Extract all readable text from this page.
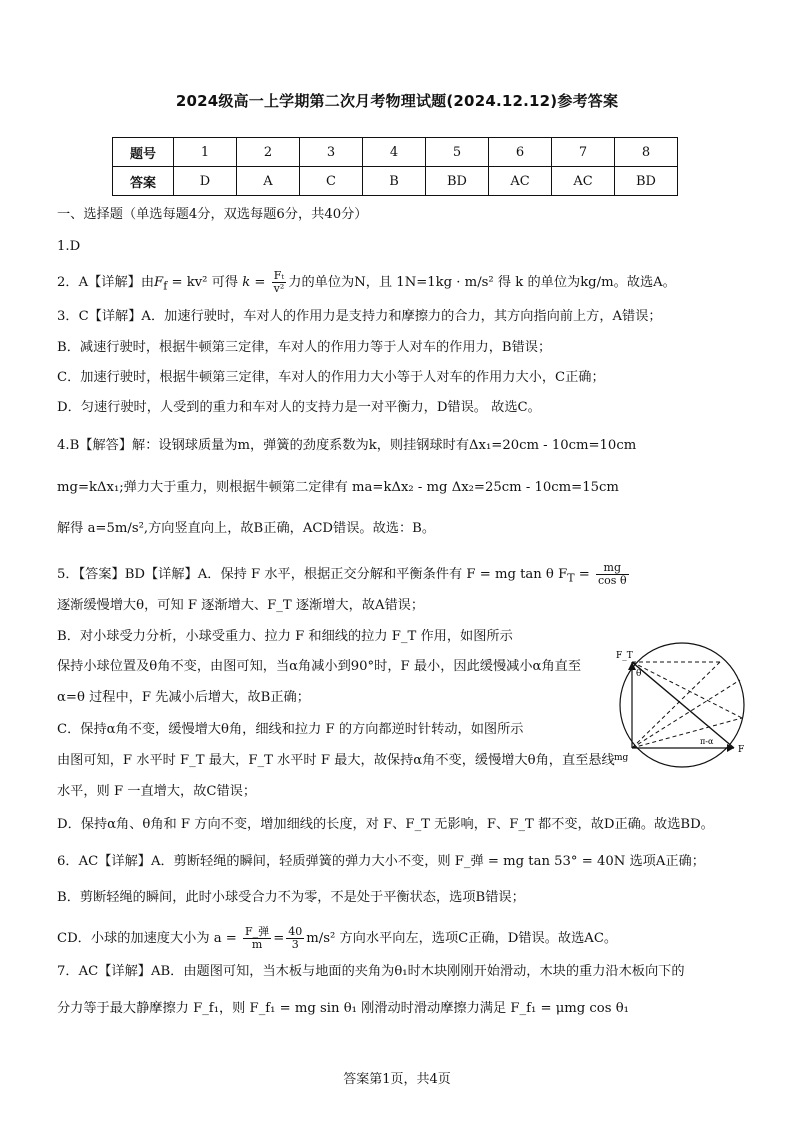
2024级高一上学期第二次月考物理试题(2024.12.12)参考答案
题号	1	2	3	4	5	6	7	8
答案	D	A	C	B	BD	AC	AC	BD
一、选择题（单选每题4分，双选每题6分，共40分）
1.D
2．A【详解】由$F_f = kv^2$ 可得 $k = \frac{\text{Fₜ}}{\text{v²}}$ 力的单位为N，且 1N=1kg · m/s² 得 k 的单位为kg/m。故选A。
3．C【详解】A．加速行驶时，车对人的作用力是支持力和摩擦力的合力，其方向指向前上方，A错误；
B．减速行驶时，根据牛顿第三定律，车对人的作用力等于人对车的作用力，B错误；
C．加速行驶时，根据牛顿第三定律，车对人的作用力大小等于人对车的作用力大小，C正确；
D．匀速行驶时，人受到的重力和车对人的支持力是一对平衡力，D错误。 故选C。
4.B【解答】解：设钢球质量为m，弹簧的劲度系数为k，则挂钢球时有Δx₁=20cm - 10cm=10cm
mg=kΔx₁;弹力大于重力，则根据牛顿第二定律有 ma=kΔx₂ - mg Δx₂=25cm - 10cm=15cm
解得 a=5m/s²,方向竖直向上，故B正确，ACD错误。故选：B。
5．【答案】BD【详解】A．保持 F 水平，根据正交分解和平衡条件有 F = mg tan θ $F_T = \frac{mg}{\text{cos θ}}$
逐渐缓慢增大θ，可知 F 逐渐增大、F_T 逐渐增大，故A错误；
B．对小球受力分析，小球受重力、拉力 F 和细线的拉力 F_T 作用，如图所示
保持小球位置及θ角不变，由图可知，当α角减小到90°时，F 最小，因此缓慢减小α角直至
α=θ 过程中，F 先减小后增大，故B正确；
C．保持α角不变，缓慢增大θ角，细线和拉力 F 的方向都逆时针转动，如图所示
由图可知，F 水平时 F_T 最大，F_T 水平时 F 最大，故保持α角不变，缓慢增大θ角，直至悬线
水平，则 F 一直增大，故C错误；
D．保持α角、θ角和 F 方向不变，增加细线的长度，对 F、F_T 无影响，F、F_T 都不变，故D正确。故选BD。
F_T
θ
mg
F
π-α
6．AC【详解】A．剪断轻绳的瞬间，轻质弹簧的弹力大小不变，则 F_弹 = mg tan 53° = 40N 选项A正确；
B．剪断轻绳的瞬间，此时小球受合力不为零，不是处于平衡状态，选项B错误；
CD．小球的加速度大小为 $a = \frac{\text{F\_弹}}{m} = \frac{40}{3} m/s^2$ 方向水平向左，选项C正确，D错误。故选AC。
7．AC【详解】AB．由题图可知，当木板与地面的夹角为θ₁时木块刚刚开始滑动，木块的重力沿木板向下的
分力等于最大静摩擦力 F_f₁，则 F_f₁ = mg sin θ₁ 刚滑动时滑动摩擦力满足 F_f₁ = μmg cos θ₁
答案第1页，共4页
